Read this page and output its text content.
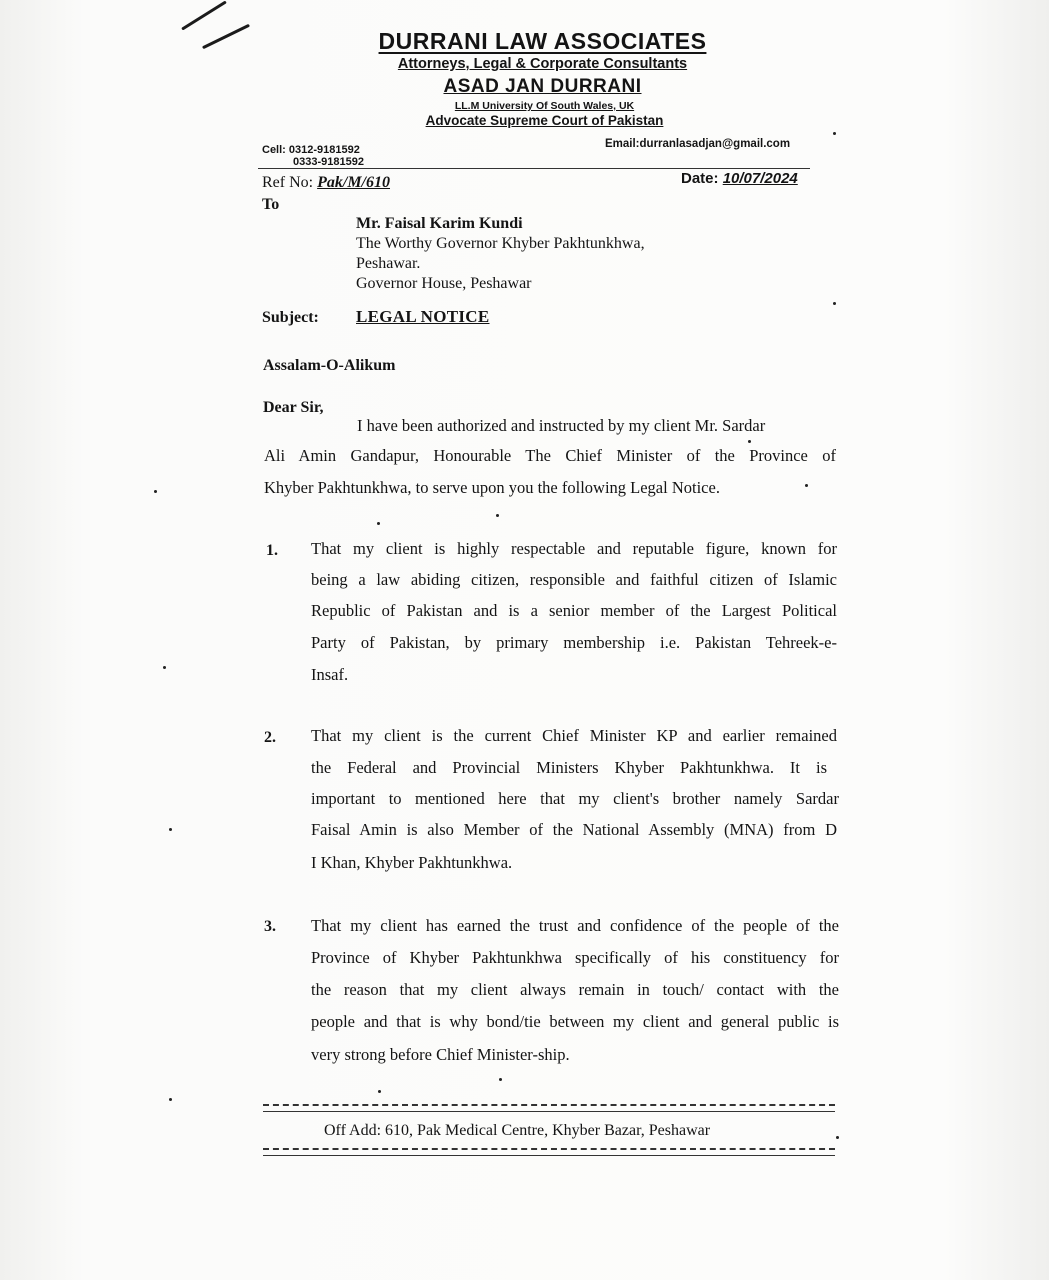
DURRANI LAW ASSOCIATES
Attorneys, Legal & Corporate Consultants
ASAD JAN DURRANI
LL.M University Of South Wales, UK
Advocate Supreme Court of Pakistan
Cell: 0312-9181592
0333-9181592
Email:durranlasadjan@gmail.com
Ref No: Pak/M/610	Date: 10/07/2024
To
Mr. Faisal Karim Kundi
The Worthy Governor Khyber Pakhtunkhwa,
Peshawar.
Governor House, Peshawar
Subject: LEGAL NOTICE
Assalam-O-Alikum
Dear Sir,
I have been authorized and instructed by my client Mr. Sardar
Ali Amin Gandapur, Honourable The Chief Minister of the Province of
Khyber Pakhtunkhwa, to serve upon you the following Legal Notice.
1. That my client is highly respectable and reputable figure, known for
being a law abiding citizen, responsible and faithful citizen of Islamic
Republic of Pakistan and is a senior member of the Largest Political
Party of Pakistan, by primary membership i.e. Pakistan Tehreek-e-
Insaf.
2. That my client is the current Chief Minister KP and earlier remained
the Federal and Provincial Ministers Khyber Pakhtunkhwa. It is
important to mentioned here that my client's brother namely Sardar
Faisal Amin is also Member of the National Assembly (MNA) from D
I Khan, Khyber Pakhtunkhwa.
3. That my client has earned the trust and confidence of the people of the
Province of Khyber Pakhtunkhwa specifically of his constituency for
the reason that my client always remain in touch/ contact with the
people and that is why bond/tie between my client and general public is
very strong before Chief Minister-ship.
Off Add: 610, Pak Medical Centre, Khyber Bazar, Peshawar
